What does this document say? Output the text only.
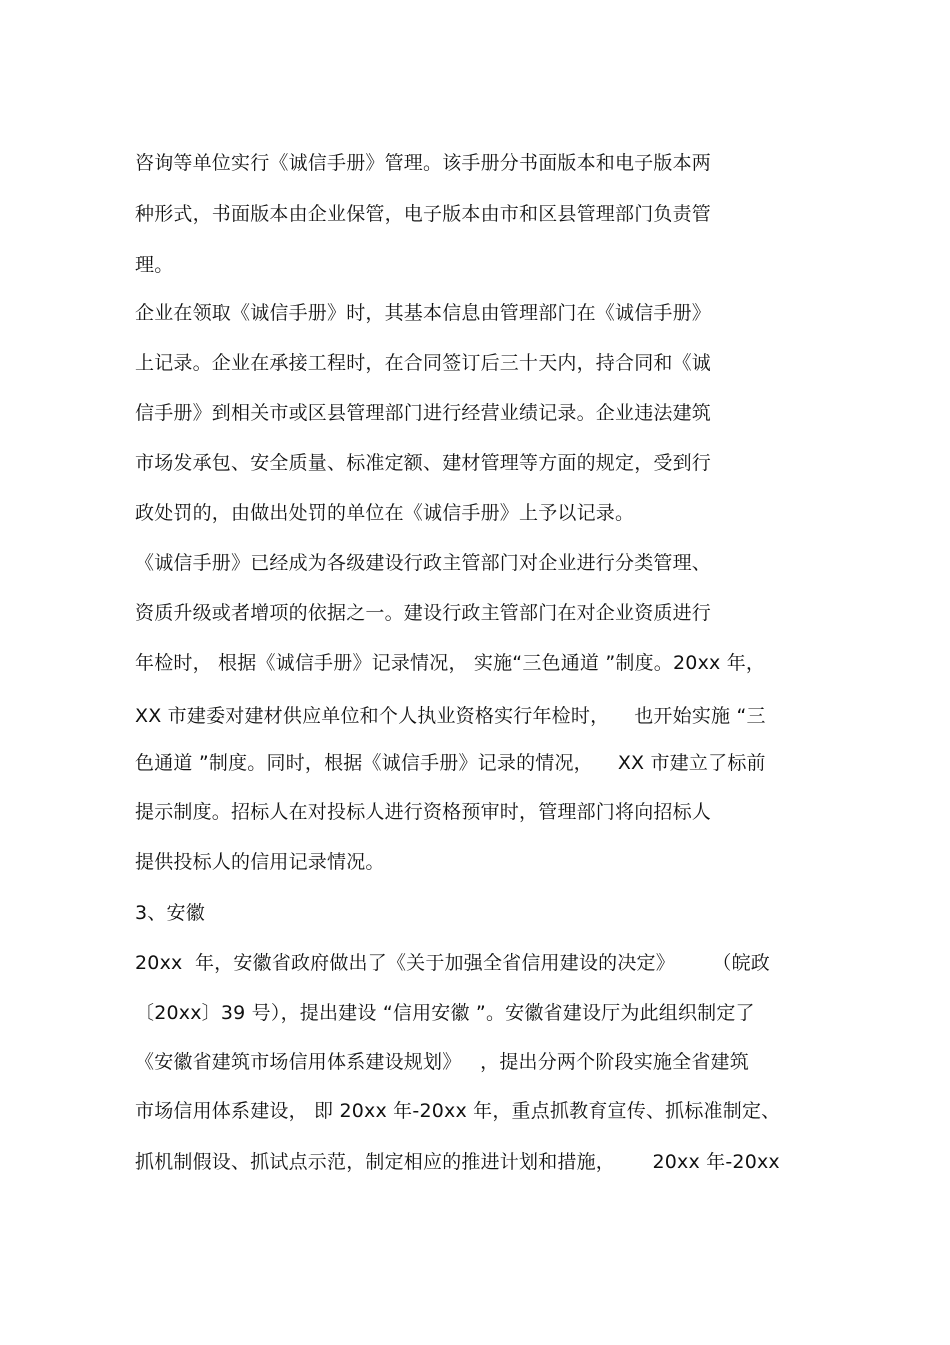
咨询等单位实行《诚信手册》管理。该手册分书面版本和电子版本两
种形式，书面版本由企业保管，电子版本由市和区县管理部门负责管
理。
企业在领取《诚信手册》时，其基本信息由管理部门在《诚信手册》
上记录。企业在承接工程时，在合同签订后三十天内，持合同和《诚
信手册》到相关市或区县管理部门进行经营业绩记录。企业违法建筑
市场发承包、安全质量、标准定额、建材管理等方面的规定，受到行
政处罚的，由做出处罚的单位在《诚信手册》上予以记录。
《诚信手册》已经成为各级建设行政主管部门对企业进行分类管理、
资质升级或者增项的依据之一。建设行政主管部门在对企业资质进行
年检时， 根据《诚信手册》记录情况， 实施“三色通道 ”制度。20xx 年，
XX 市建委对建材供应单位和个人执业资格实行年检时，    也开始实施 “三
色通道 ”制度。同时，根据《诚信手册》记录的情况，    XX 市建立了标前
提示制度。招标人在对投标人进行资格预审时，管理部门将向招标人
提供投标人的信用记录情况。
3、安徽
20xx  年，安徽省政府做出了《关于加强全省信用建设的决定》      （皖政
〔20xx〕39 号），提出建设 “信用安徽 ”。安徽省建设厅为此组织制定了
《安徽省建筑市场信用体系建设规划》   ，提出分两个阶段实施全省建筑
市场信用体系建设， 即 20xx 年-20xx 年，重点抓教育宣传、抓标准制定、
抓机制假设、抓试点示范，制定相应的推进计划和措施，      20xx 年-20xx
